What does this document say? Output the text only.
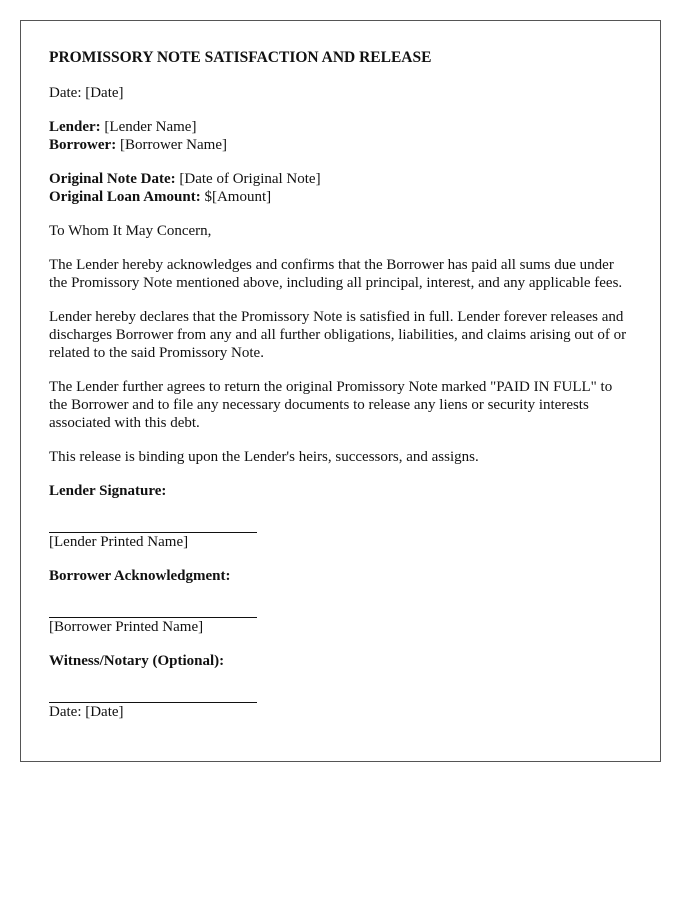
PROMISSORY NOTE SATISFACTION AND RELEASE

Date: [Date]

Lender: [Lender Name]
Borrower: [Borrower Name]

Original Note Date: [Date of Original Note]
Original Loan Amount: $[Amount]

To Whom It May Concern,

The Lender hereby acknowledges and confirms that the Borrower has paid all sums due under the Promissory Note mentioned above, including all principal, interest, and any applicable fees.

Lender hereby declares that the Promissory Note is satisfied in full. Lender forever releases and discharges Borrower from any and all further obligations, liabilities, and claims arising out of or related to the said Promissory Note.

The Lender further agrees to return the original Promissory Note marked "PAID IN FULL" to the Borrower and to file any necessary documents to release any liens or security interests associated with this debt.

This release is binding upon the Lender's heirs, successors, and assigns.

Lender Signature:

[Lender Printed Name]

Borrower Acknowledgment:

[Borrower Printed Name]

Witness/Notary (Optional):

Date: [Date]
